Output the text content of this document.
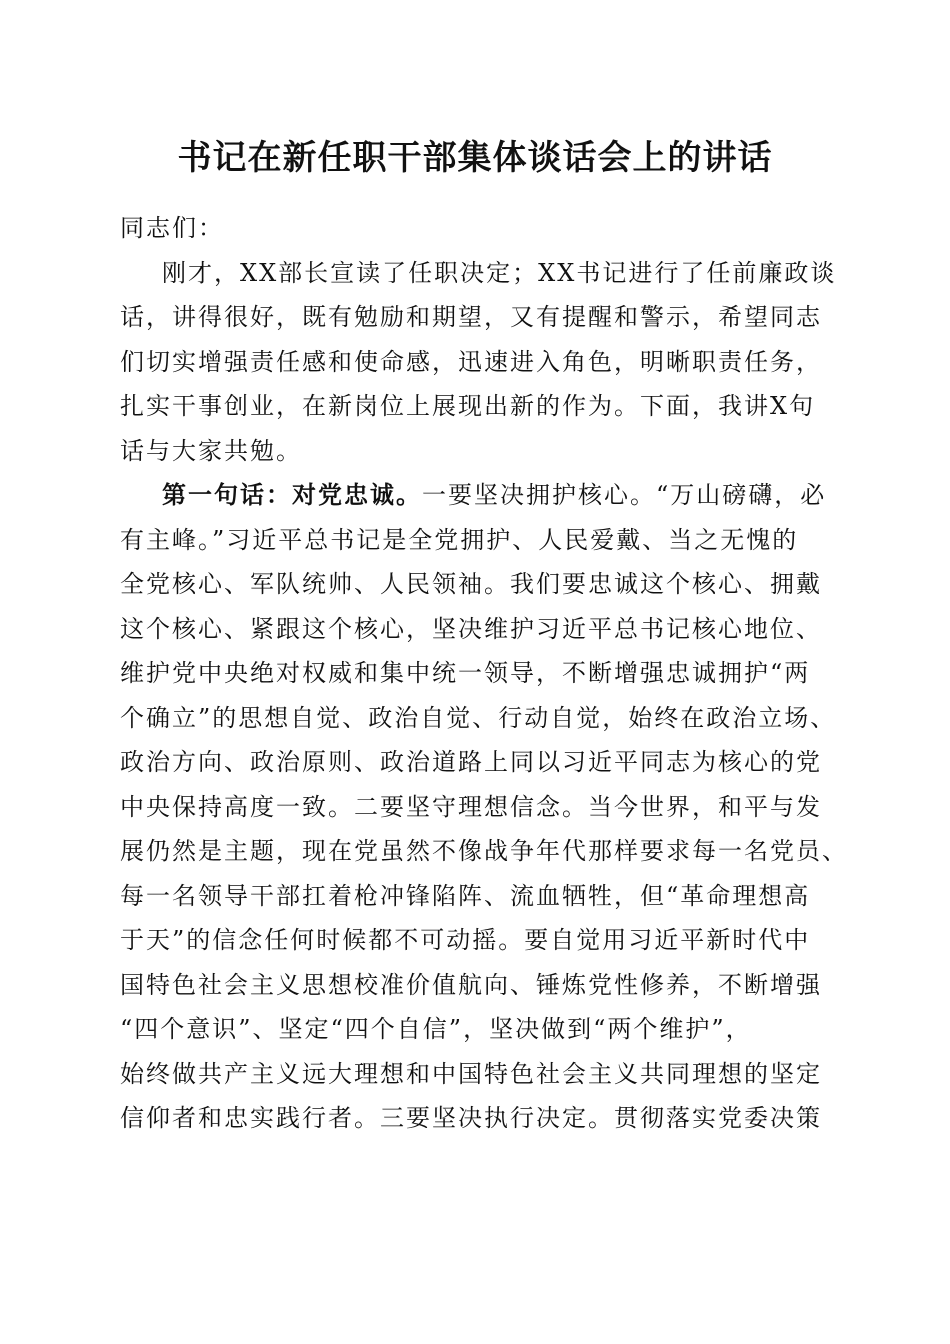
书记在新任职干部集体谈话会上的讲话
同志们：
刚才，XX部长宣读了任职决定；XX书记进行了任前廉政谈
话，讲得很好，既有勉励和期望，又有提醒和警示，希望同志
们切实增强责任感和使命感，迅速进入角色，明晰职责任务，
扎实干事创业，在新岗位上展现出新的作为。下面，我讲X句
话与大家共勉。
第一句话：对党忠诚。一要坚决拥护核心。“万山磅礴，必
有主峰。”习近平总书记是全党拥护、人民爱戴、当之无愧的
全党核心、军队统帅、人民领袖。我们要忠诚这个核心、拥戴
这个核心、紧跟这个核心，坚决维护习近平总书记核心地位、
维护党中央绝对权威和集中统一领导，不断增强忠诚拥护“两
个确立”的思想自觉、政治自觉、行动自觉，始终在政治立场、
政治方向、政治原则、政治道路上同以习近平同志为核心的党
中央保持高度一致。二要坚守理想信念。当今世界，和平与发
展仍然是主题，现在党虽然不像战争年代那样要求每一名党员、
每一名领导干部扛着枪冲锋陷阵、流血牺牲，但“革命理想高
于天”的信念任何时候都不可动摇。要自觉用习近平新时代中
国特色社会主义思想校准价值航向、锤炼党性修养，不断增强
“四个意识”、坚定“四个自信”，坚决做到“两个维护”，
始终做共产主义远大理想和中国特色社会主义共同理想的坚定
信仰者和忠实践行者。三要坚决执行决定。贯彻落实党委决策
